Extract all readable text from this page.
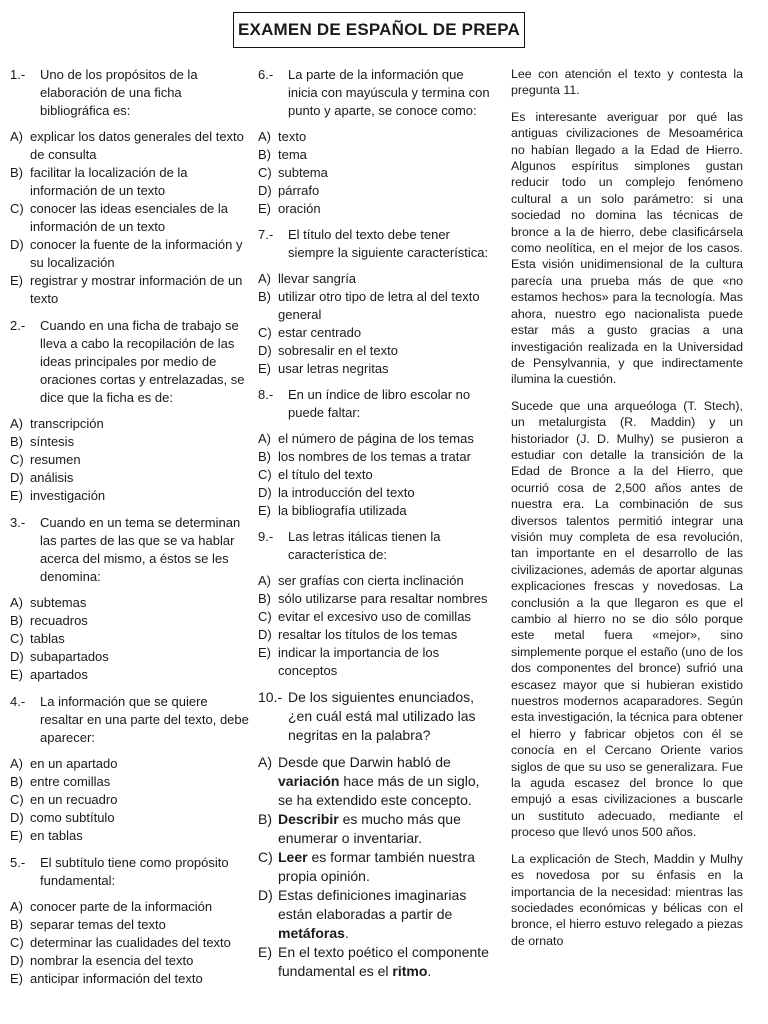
EXAMEN DE ESPAÑOL DE PREPA
1.-	Uno de los propósitos de la elaboración de una ficha bibliográfica es:
A) explicar los datos generales del texto de consulta
B) facilitar la localización de la información de un texto
C) conocer las ideas esenciales de la información de un texto
D) conocer la fuente de la información y su localización
E) registrar y mostrar información de un texto
2.-	Cuando en una ficha de trabajo se lleva a cabo la recopilación de las ideas principales por medio de oraciones cortas y entrelazadas, se dice que la ficha es de:
A) transcripción
B) síntesis
C) resumen
D) análisis
E) investigación
3.-	Cuando en un tema se determinan las partes de las que se va hablar acerca del mismo, a éstos se les denomina:
A) subtemas
B) recuadros
C) tablas
D) subapartados
E) apartados
4.-	La información que se quiere resaltar en una parte del texto, debe aparecer:
A) en un apartado
B) entre comillas
C) en un recuadro
D) como subtítulo
E) en tablas
5.-	El subtítulo tiene como propósito fundamental:
A) conocer parte de la información
B) separar temas del texto
C) determinar las cualidades del texto
D) nombrar la esencia del texto
E) anticipar información del texto
6.-	La parte de la información que inicia con mayúscula y termina con punto y aparte, se conoce como:
A) texto
B) tema
C) subtema
D) párrafo
E) oración
7.-	El título del texto debe tener siempre la siguiente característica:
A) llevar sangría
B) utilizar otro tipo de letra al del texto general
C) estar centrado
D) sobresalir en el texto
E) usar letras negritas
8.-	En un índice de libro escolar no puede faltar:
A) el número de página de los temas
B) los nombres de los temas a tratar
C) el título del texto
D) la introducción del texto
E) la bibliografía utilizada
9.-	Las letras itálicas tienen la característica de:
A) ser grafías con cierta inclinación
B) sólo utilizarse para resaltar nombres
C) evitar el excesivo uso de comillas
D) resaltar los títulos de los temas
E) indicar la importancia de los conceptos
10.- De los siguientes enunciados, ¿en cuál está mal utilizado las negritas en la palabra?
A) Desde que Darwin habló de variación hace más de un siglo, se ha extendido este concepto.
B) Describir es mucho más que enumerar o inventariar.
C) Leer es formar también nuestra propia opinión.
D) Estas definiciones imaginarias están elaboradas a partir de metáforas.
E) En el texto poético el componente fundamental es el ritmo.

Lee con atención el texto y contesta la pregunta 11.

Es interesante averiguar por qué las antiguas civilizaciones de Mesoamérica no habían llegado a la Edad de Hierro. Algunos espíritus simplones gustan reducir todo un complejo fenómeno cultural a un solo parámetro: si una sociedad no domina las técnicas de bronce a la de hierro, debe clasificársela como neolítica, en el mejor de los casos. Esta visión unidimensional de la cultura parecía una prueba más de que «no estamos hechos» para la tecnología. Mas ahora, nuestro ego nacionalista puede estar más a gusto gracias a una investigación realizada en la Universidad de Pensylvannia, y que indirectamente ilumina la cuestión.

Sucede que una arqueóloga (T. Stech), un metalurgista (R. Maddin) y un historiador (J. D. Mulhy) se pusieron a estudiar con detalle la transición de la Edad de Bronce a la del Hierro, que ocurrió cosa de 2,500 años antes de nuestra era. La combinación de sus diversos talentos permitió integrar una visión muy completa de esa revolución, tan importante en el desarrollo de las civilizaciones, además de aportar algunas explicaciones frescas y novedosas. La conclusión a la que llegaron es que el cambio al hierro no se dio sólo porque este metal fuera «mejor», sino simplemente porque el estaño (uno de los dos componentes del bronce) sufrió una escasez mayor que si hubieran existido nuestros modernos acaparadores. Según esta investigación, la técnica para obtener el hierro y fabricar objetos con él se conocía en el Cercano Oriente varios siglos de que su uso se generalizara. Fue la aguda escasez del bronce lo que empujó a esas civilizaciones a buscarle un sustituto adecuado, mediante el proceso que llevó unos 500 años.

La explicación de Stech, Maddin y Mulhy es novedosa por su énfasis en la importancia de la necesidad: mientras las sociedades económicas y bélicas con el bronce, el hierro estuvo relegado a piezas de ornato
